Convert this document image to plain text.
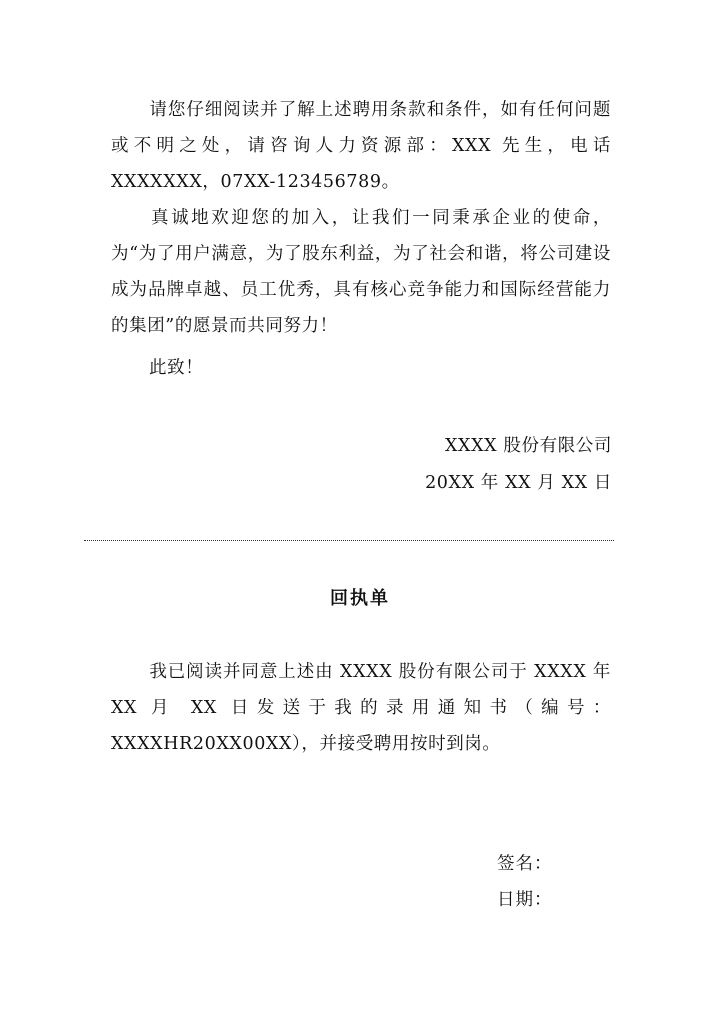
请您仔细阅读并了解上述聘用条款和条件，如有任何问题或不明之处，请咨询人力资源部：XXX 先生，电话 XXXXXXX，07XX-123456789。

真诚地欢迎您的加入，让我们一同秉承企业的使命，为“为了用户满意，为了股东利益，为了社会和谐，将公司建设成为品牌卓越、员工优秀，具有核心竞争能力和国际经营能力的集团”的愿景而共同努力！

此致！

XXXX 股份有限公司
20XX 年 XX 月 XX 日
回执单

我已阅读并同意上述由 XXXX 股份有限公司于 XXXX 年 XX 月 XX 日发送于我的录用通知书（编号：XXXXHR20XX00XX），并接受聘用按时到岗。

签名：
日期：
